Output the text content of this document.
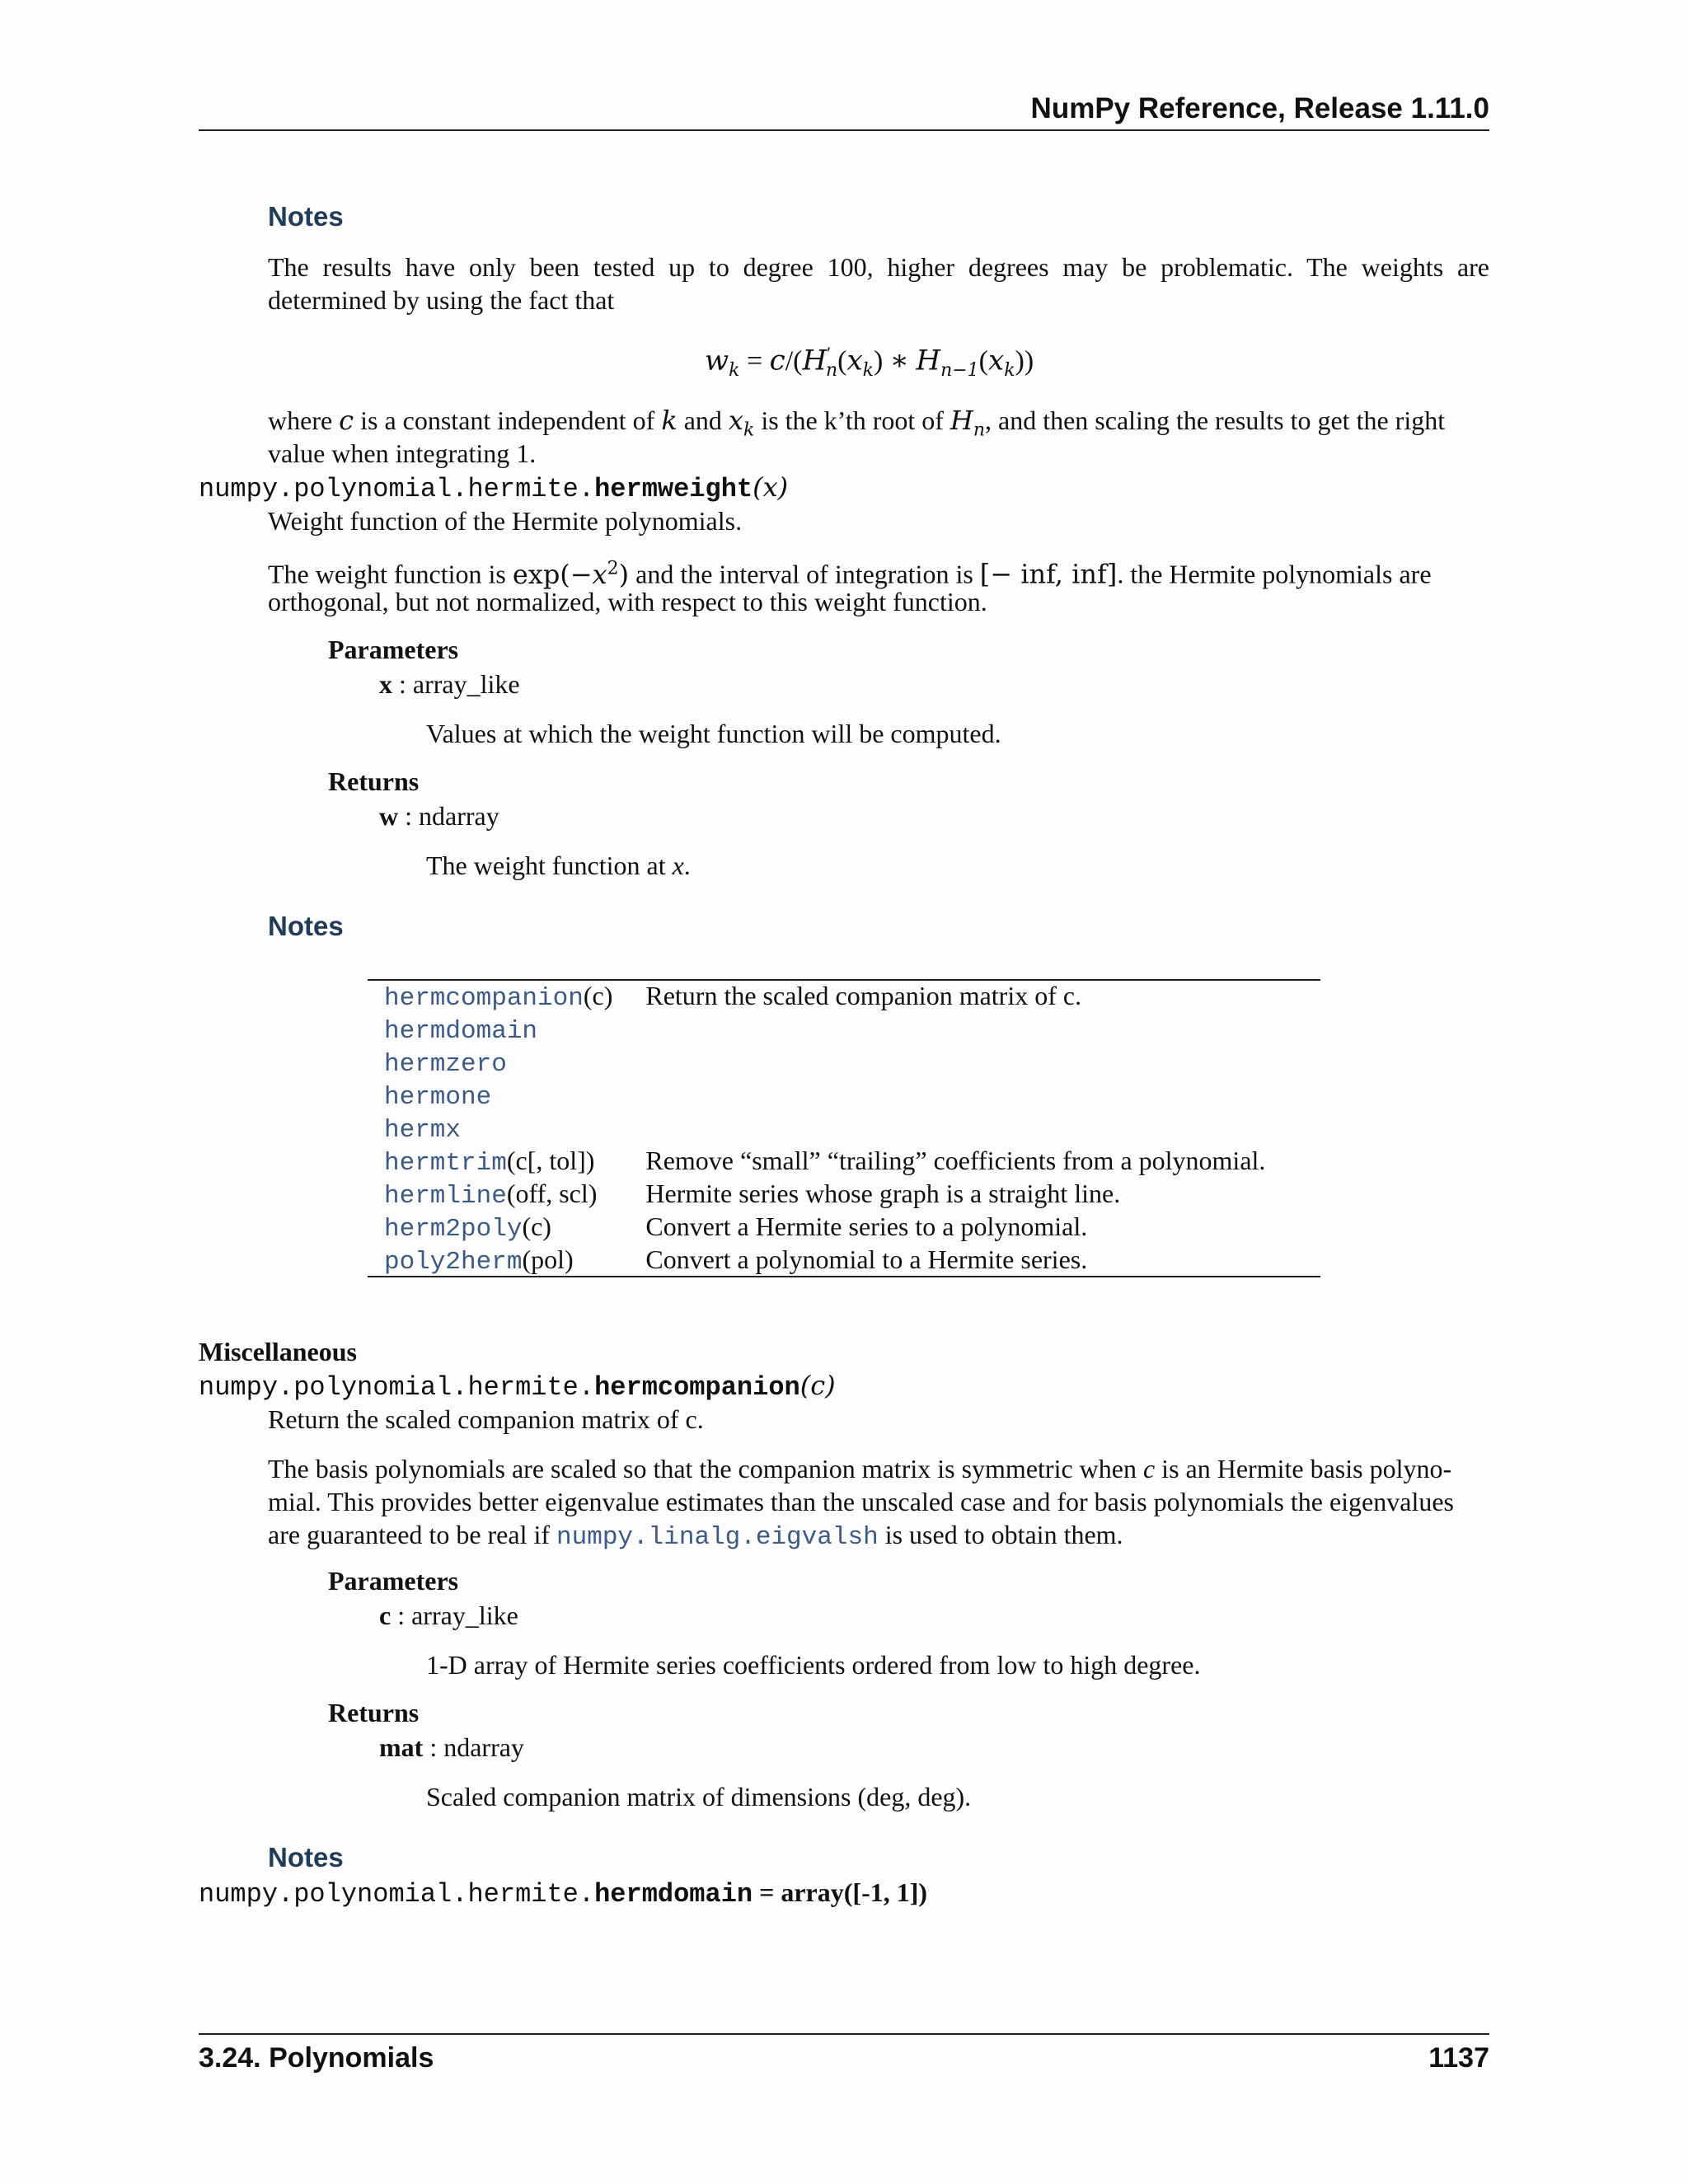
NumPy Reference, Release 1.11.0
Notes
The results have only been tested up to degree 100, higher degrees may be problematic. The weights are determined by using the fact that
$w_k = c/(H'_n(x_k)$ ∗ $H_{n-1}(x_k)$)
where c is a constant independent of k and $x_k$ is the k’th root of $H_n$, and then scaling the results to get the right
value when integrating 1.
numpy.polynomial.hermite.hermweight(x)
Weight function of the Hermite polynomials.
The weight function is $\exp(-x^2)$ and the interval of integration is [− inf, inf]. the Hermite polynomials are
orthogonal, but not normalized, with respect to this weight function.
Parameters
x : array_like
Values at which the weight function will be computed.
Returns
w : ndarray
The weight function at x.
Notes
hermcompanion(c)	Return the scaled companion matrix of c.
hermdomain	
hermzero	
hermone	
hermx	
hermtrim(c[, tol])	Remove “small” “trailing” coefficients from a polynomial.
hermline(off, scl)	Hermite series whose graph is a straight line.
herm2poly(c)	Convert a Hermite series to a polynomial.
poly2herm(pol)	Convert a polynomial to a Hermite series.
Miscellaneous
numpy.polynomial.hermite.hermcompanion(c)
Return the scaled companion matrix of c.
The basis polynomials are scaled so that the companion matrix is symmetric when c is an Hermite basis polyno-
mial. This provides better eigenvalue estimates than the unscaled case and for basis polynomials the eigenvalues
are guaranteed to be real if numpy.linalg.eigvalsh is used to obtain them.
Parameters
c : array_like
1-D array of Hermite series coefficients ordered from low to high degree.
Returns
mat : ndarray
Scaled companion matrix of dimensions (deg, deg).
Notes
numpy.polynomial.hermite.hermdomain = array([-1, 1])
3.24. Polynomials	1137
